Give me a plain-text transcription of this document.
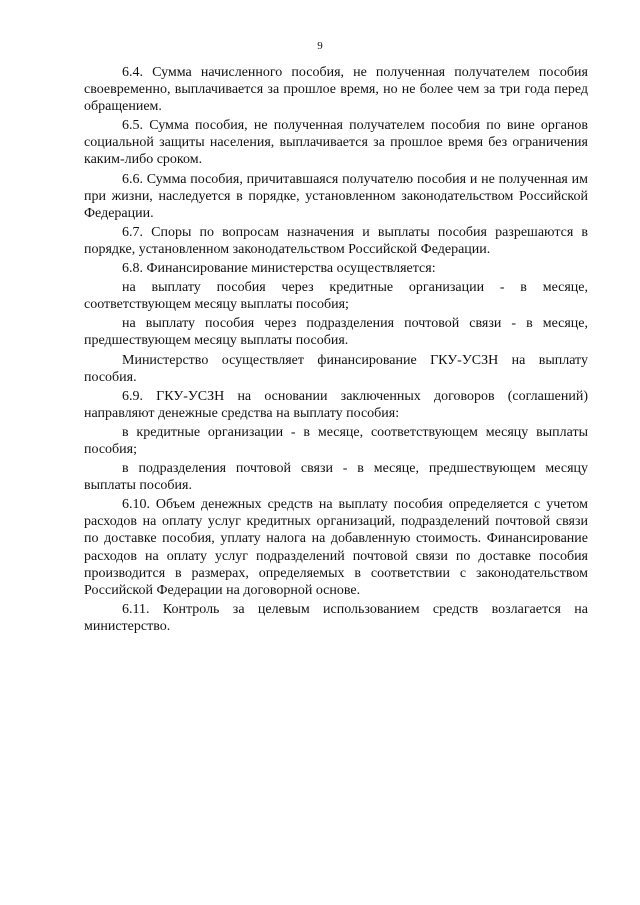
9

6.4. Сумма начисленного пособия, не полученная получателем пособия своевременно, выплачивается за прошлое время, но не более чем за три года перед обращением.

6.5. Сумма пособия, не полученная получателем пособия по вине органов социальной защиты населения, выплачивается за прошлое время без ограничения каким-либо сроком.

6.6. Сумма пособия, причитавшаяся получателю пособия и не полученная им при жизни, наследуется в порядке, установленном законодательством Российской Федерации.

6.7. Споры по вопросам назначения и выплаты пособия разрешаются в порядке, установленном законодательством Российской Федерации.

6.8. Финансирование министерства осуществляется:

на выплату пособия через кредитные организации - в месяце, соответствующем месяцу выплаты пособия;

на выплату пособия через подразделения почтовой связи - в месяце, предшествующем месяцу выплаты пособия.

Министерство осуществляет финансирование ГКУ-УСЗН на выплату пособия.

6.9. ГКУ-УСЗН на основании заключенных договоров (соглашений) направляют денежные средства на выплату пособия:

в кредитные организации - в месяце, соответствующем месяцу выплаты пособия;

в подразделения почтовой связи - в месяце, предшествующем месяцу выплаты пособия.

6.10. Объем денежных средств на выплату пособия определяется с учетом расходов на оплату услуг кредитных организаций, подразделений почтовой связи по доставке пособия, уплату налога на добавленную стоимость. Финансирование расходов на оплату услуг подразделений почтовой связи по доставке пособия производится в размерах, определяемых в соответствии с законодательством Российской Федерации на договорной основе.

6.11. Контроль за целевым использованием средств возлагается на министерство.
